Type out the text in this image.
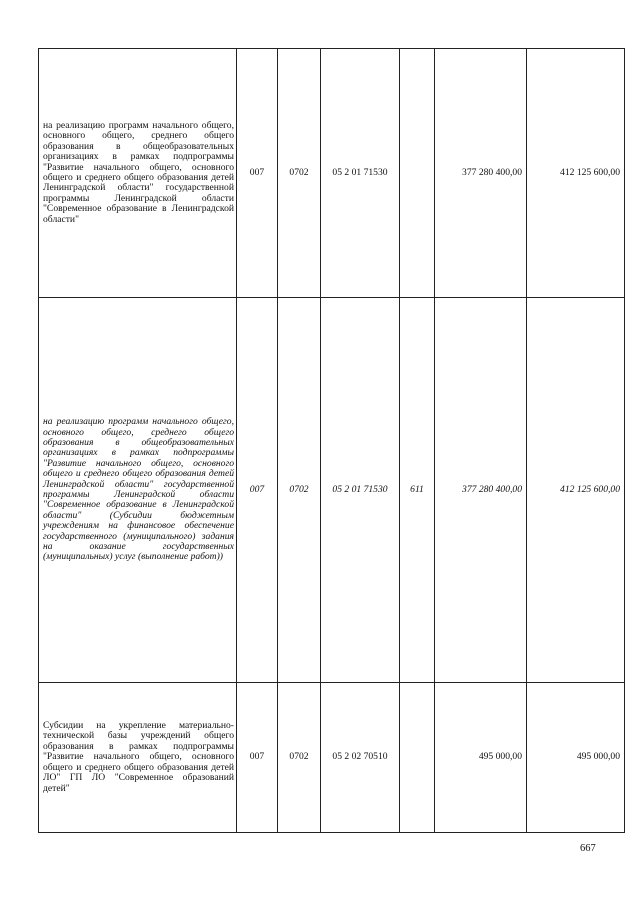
на реализацию программ начального общего, основного общего, среднего общего образования в общеобразовательных организациях в рамках подпрограммы "Развитие начального общего, основного общего и среднего общего образования детей Ленинградской области" государственной программы Ленинградской области "Современное образование в Ленинградской области"	007	0702	05 2 01 71530		377 280 400,00	412 125 600,00
на реализацию программ начального общего, основного общего, среднего общего образования в общеобразовательных организациях в рамках подпрограммы "Развитие начального общего, основного общего и среднего общего образования детей Ленинградской области" государственной программы Ленинградской области "Современное образование в Ленинградской области" (Субсидии бюджетным учреждениям на финансовое обеспечение государственного (муниципального) задания на оказание государственных (муниципальных) услуг (выполнение работ))	007	0702	05 2 01 71530	611	377 280 400,00	412 125 600,00
Субсидии на укрепление материально-технической базы учреждений общего образования в рамках подпрограммы "Развитие начального общего, основного общего и среднего общего образования детей ЛО" ГП ЛО "Современное образований детей"	007	0702	05 2 02 70510		495 000,00	495 000,00
667
